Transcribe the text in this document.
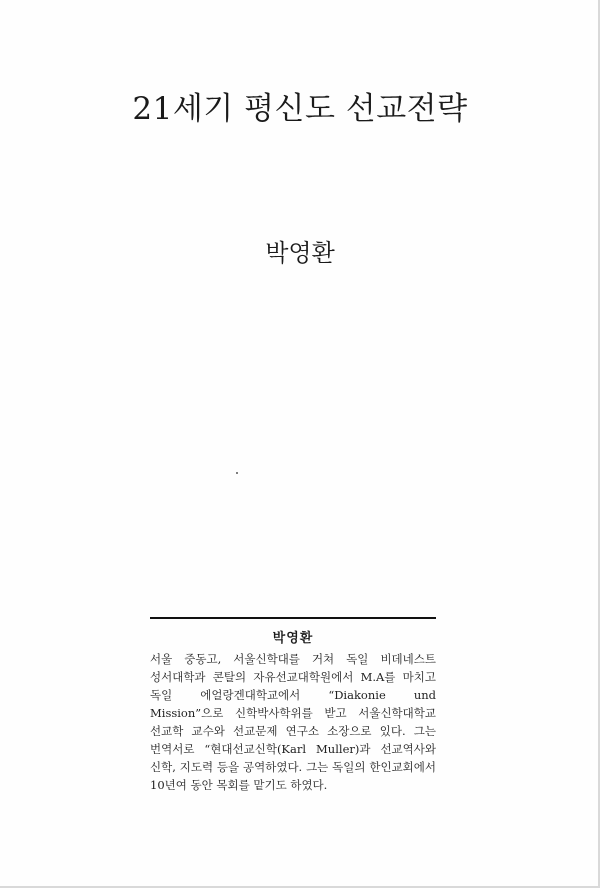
21세기 평신도 선교전략
박영환
박영환
서울 중동고, 서울신학대를 거쳐 독일 비데네스트 성서대학과 콘탈의 자유선교대학원에서 M.A를 마치고 독일 에얼랑겐대학교에서 “Diakonie und Mission”으로 신학박사학위를 받고 서울신학대학교 선교학 교수와 선교문제 연구소 소장으로 있다. 그는 번역서로 “현대선교신학(Karl Muller)과 선교역사와 신학, 지도력 등을 공역하였다. 그는 독일의 한인교회에서 10년여 동안 목회를 맡기도 하였다.
